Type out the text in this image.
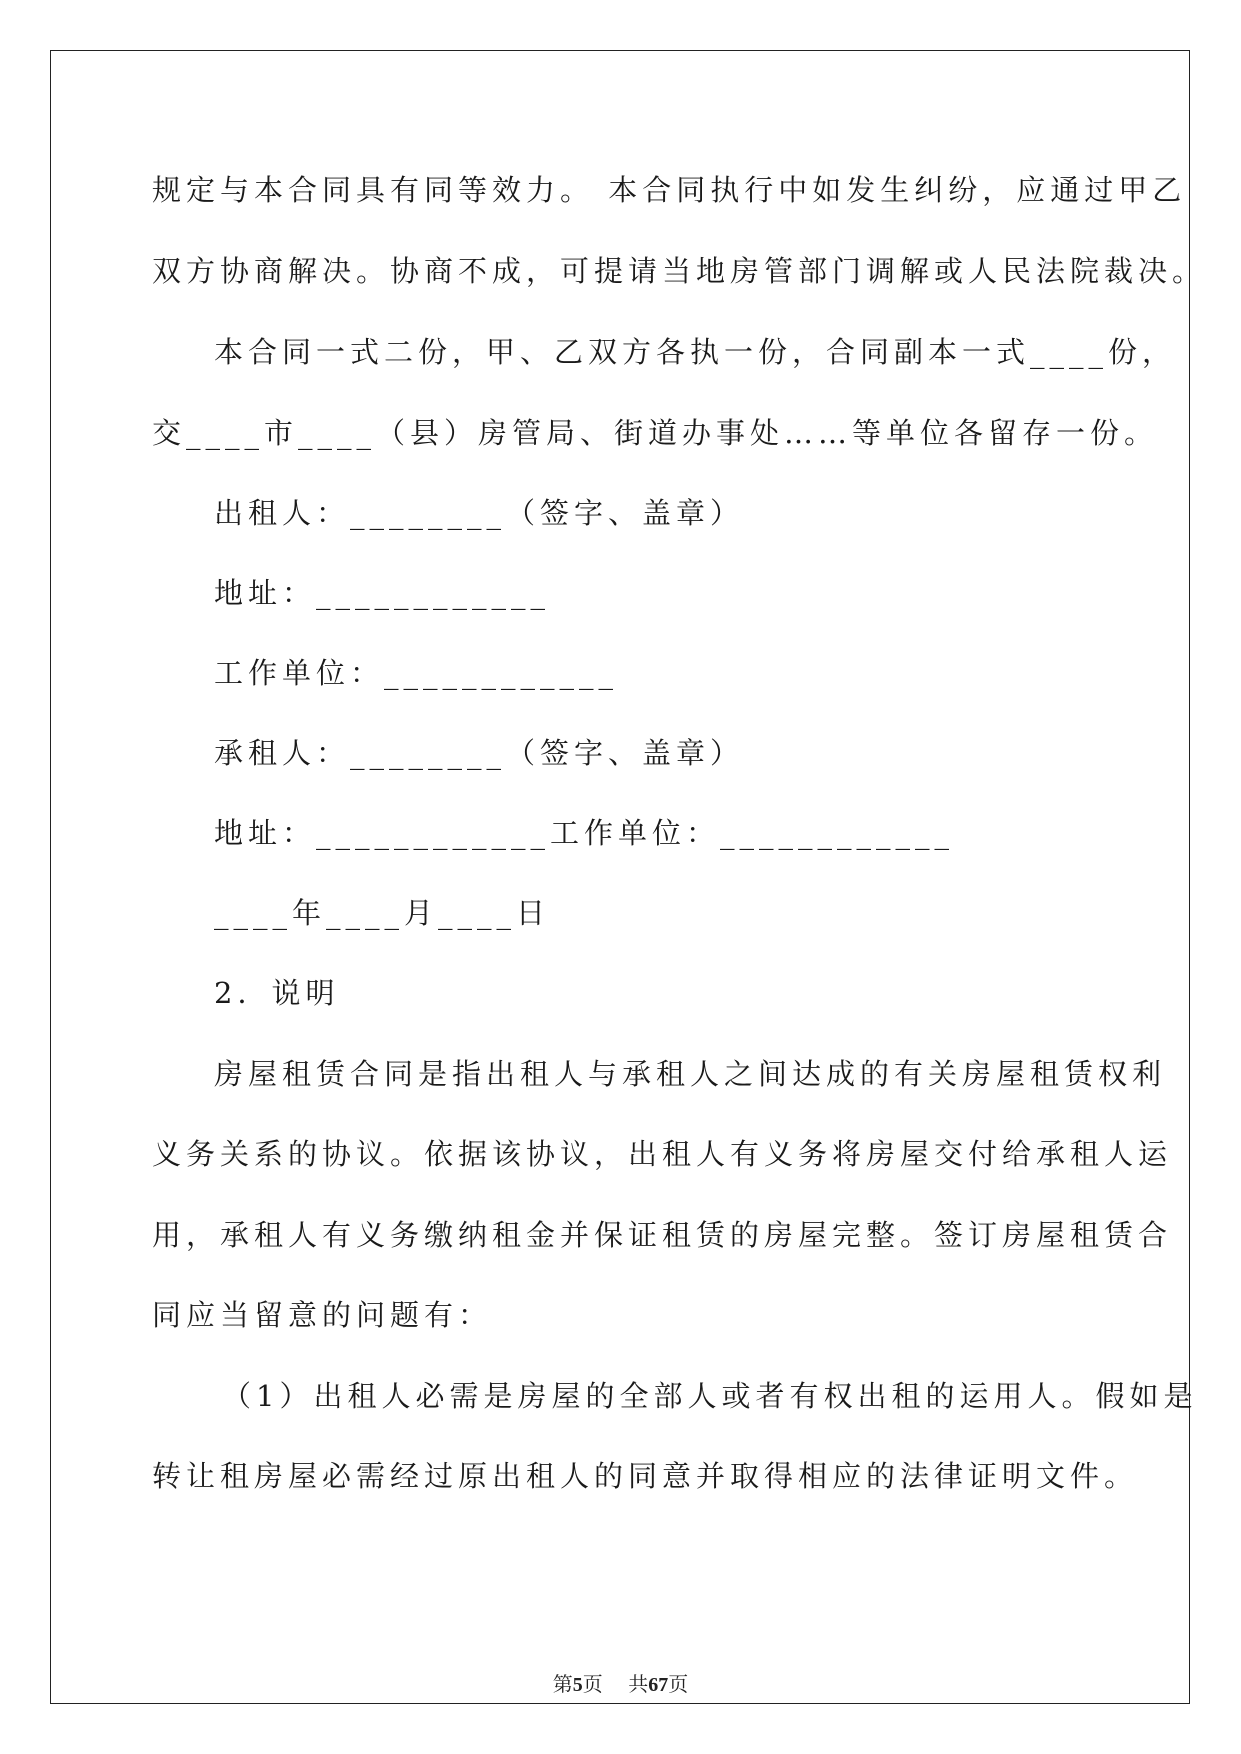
规定与本合同具有同等效力。 本合同执行中如发生纠纷，应通过甲乙
双方协商解决。协商不成，可提请当地房管部门调解或人民法院裁决。
本合同一式二份，甲、乙双方各执一份，合同副本一式____份，
交____市____（县）房管局、街道办事处……等单位各留存一份。
出租人：________（签字、盖章）
地址：____________
工作单位：____________
承租人：________（签字、盖章）
地址：____________工作单位：____________
____年____月____日
2．说明
房屋租赁合同是指出租人与承租人之间达成的有关房屋租赁权利
义务关系的协议。依据该协议，出租人有义务将房屋交付给承租人运
用，承租人有义务缴纳租金并保证租赁的房屋完整。签订房屋租赁合
同应当留意的问题有：
（1）出租人必需是房屋的全部人或者有权出租的运用人。假如是
转让租房屋必需经过原出租人的同意并取得相应的法律证明文件。
第5页 共67页
